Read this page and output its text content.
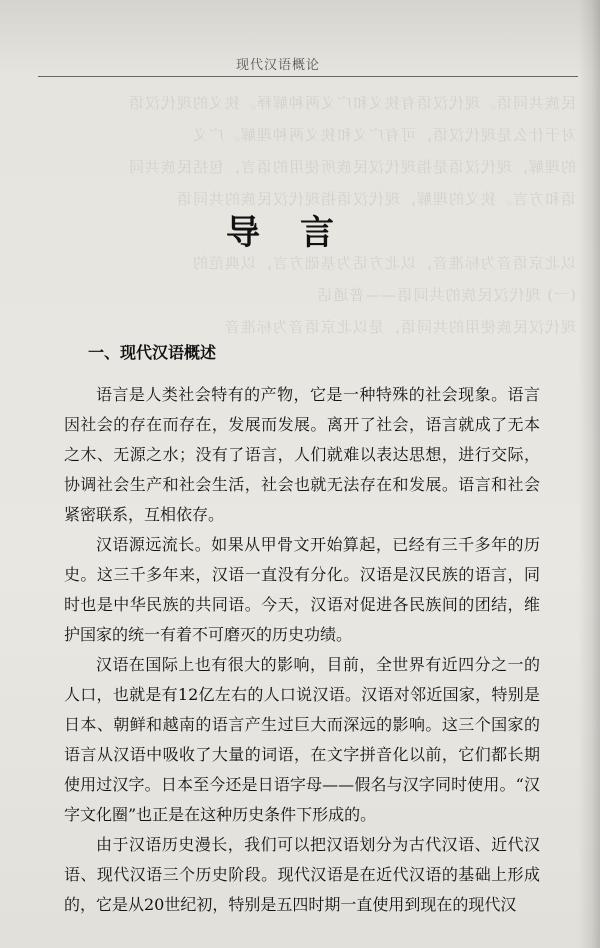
现代汉语概论
民族共同语。现代汉语有狭义和广义两种解释。狭义的现代汉语
对于什么是现代汉语，可有广义和狭义两种理解。广义
的理解，现代汉语是指现代汉民族所使用的语言，包括民族共同
语和方言。狭义的理解，现代汉语指现代汉民族的共同语
以北京语音为标准音，以北方话为基础方言，以典范的
(一) 现代汉民族的共同语——普通话
现代汉民族使用的共同语，是以北京语音为标准音
导言
一、现代汉语概述

语言是人类社会特有的产物，它是一种特殊的社会现象。语言因社会的存在而存在，发展而发展。离开了社会，语言就成了无本之木、无源之水；没有了语言，人们就难以表达思想，进行交际，协调社会生产和社会生活，社会也就无法存在和发展。语言和社会紧密联系，互相依存。

汉语源远流长。如果从甲骨文开始算起，已经有三千多年的历史。这三千多年来，汉语一直没有分化。汉语是汉民族的语言，同时也是中华民族的共同语。今天，汉语对促进各民族间的团结，维护国家的统一有着不可磨灭的历史功绩。

汉语在国际上也有很大的影响，目前，全世界有近四分之一的人口，也就是有12亿左右的人口说汉语。汉语对邻近国家，特别是日本、朝鲜和越南的语言产生过巨大而深远的影响。这三个国家的语言从汉语中吸收了大量的词语，在文字拼音化以前，它们都长期使用过汉字。日本至今还是日语字母——假名与汉字同时使用。“汉字文化圈”也正是在这种历史条件下形成的。

由于汉语历史漫长，我们可以把汉语划分为古代汉语、近代汉语、现代汉语三个历史阶段。现代汉语是在近代汉语的基础上形成的，它是从20世纪初，特别是五四时期一直使用到现在的现代汉
